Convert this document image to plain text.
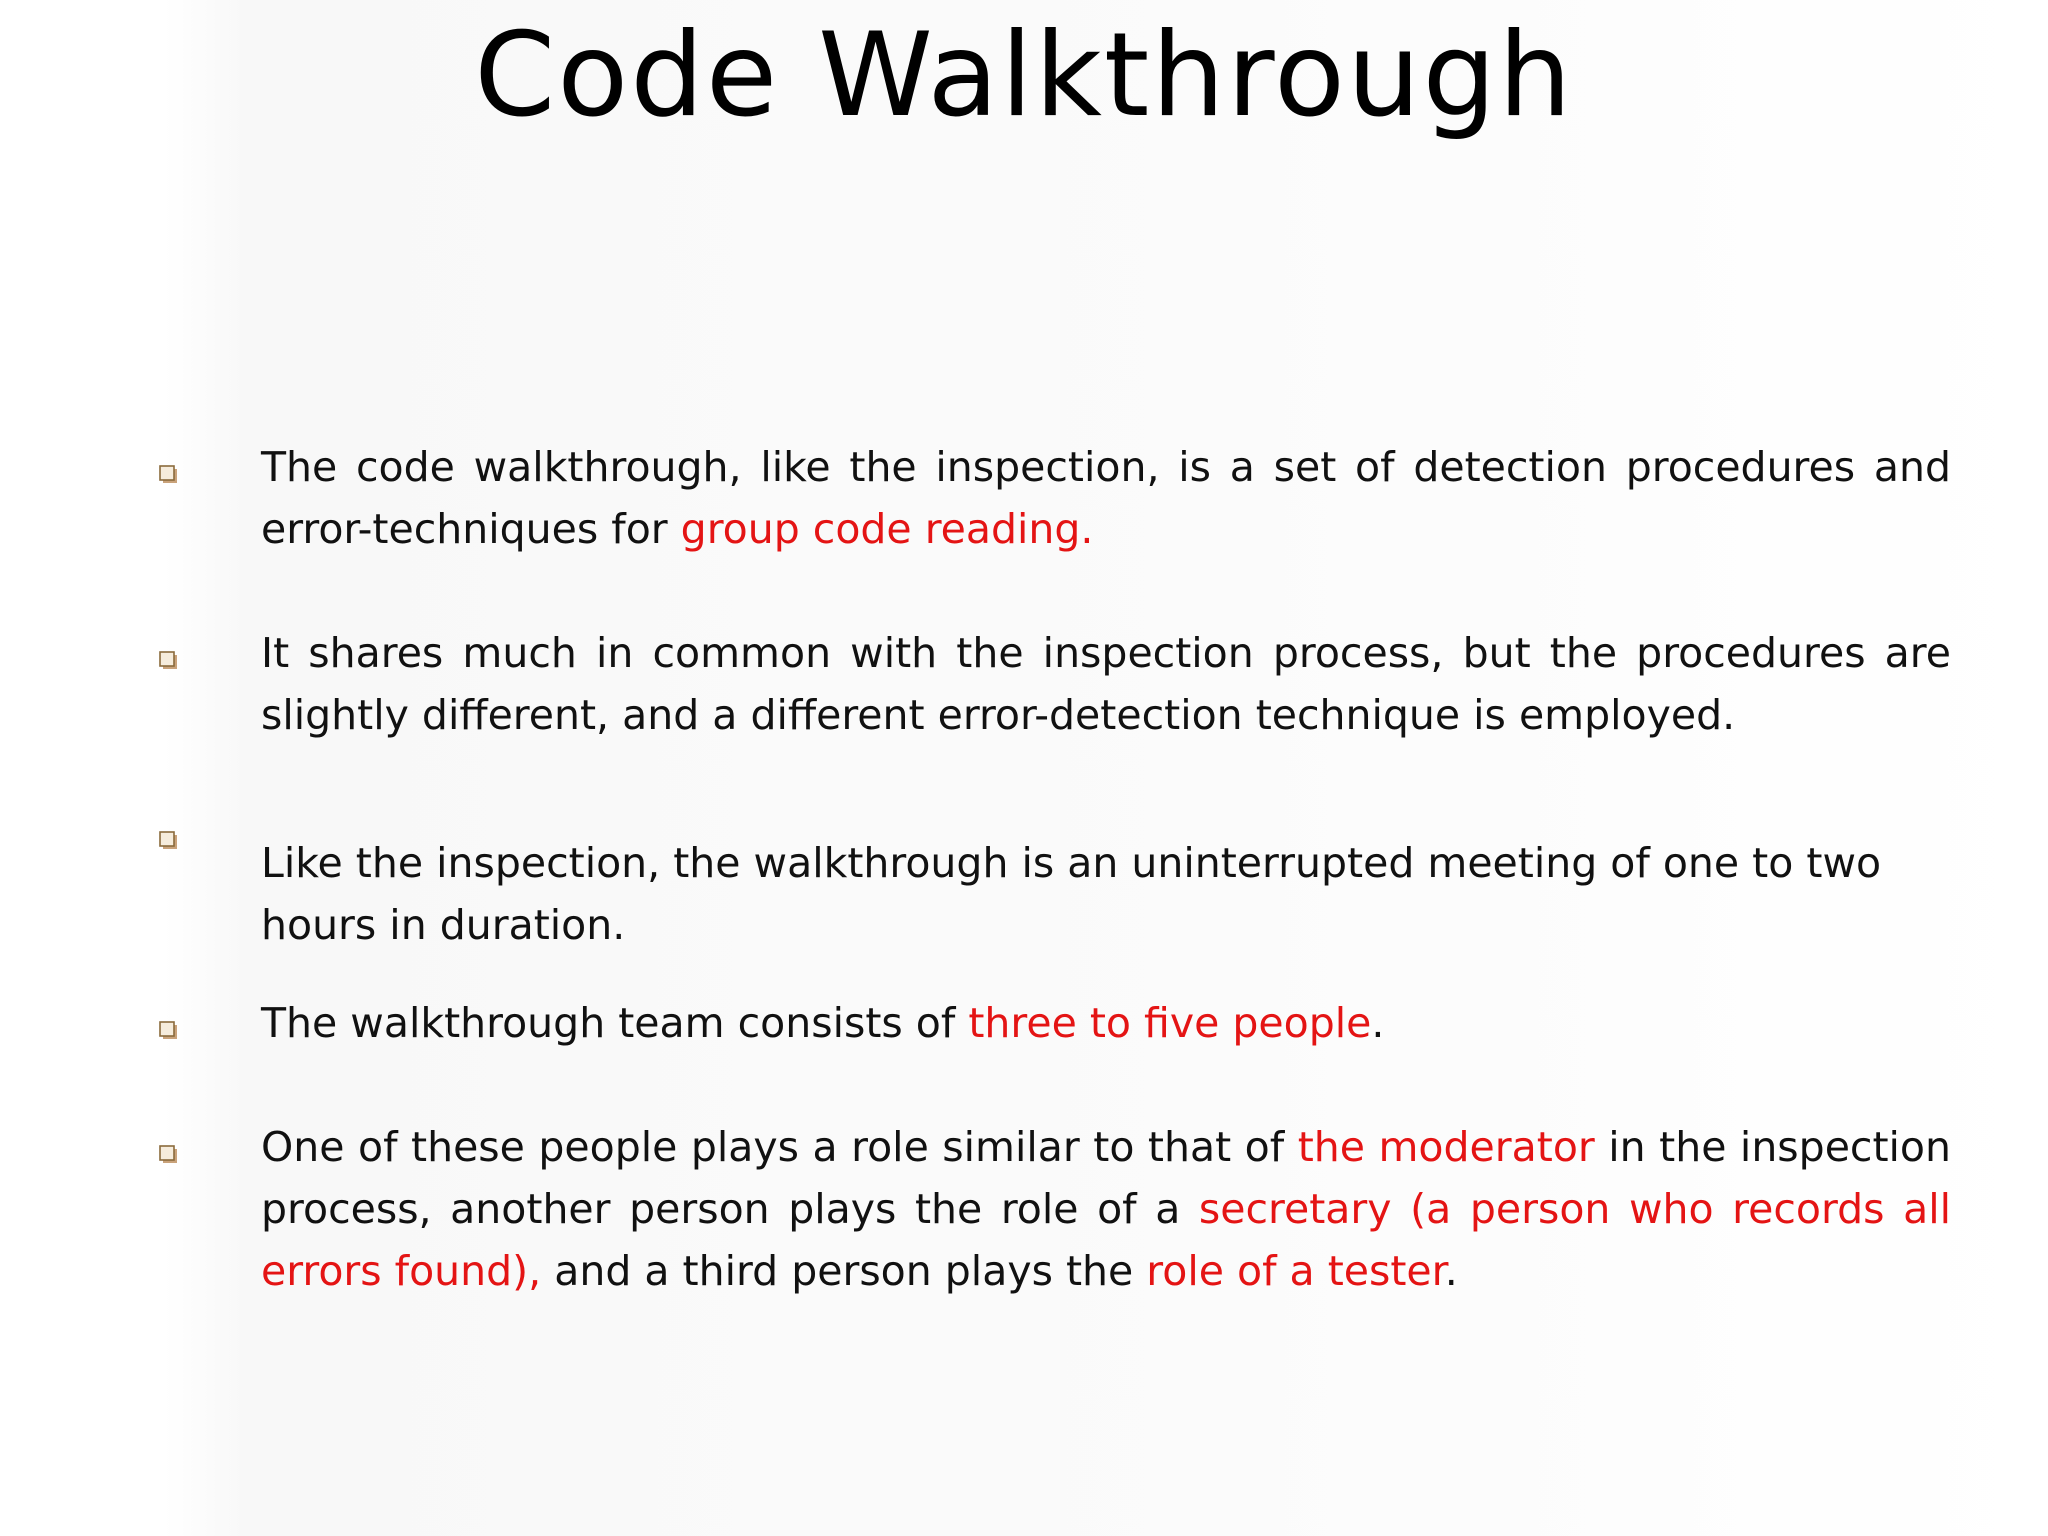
Code Walkthrough
The code walkthrough, like the inspection, is a set of detection procedures and error-techniques for group code reading.
It shares much in common with the inspection process, but the procedures are slightly different, and a different error-detection technique is employed.
Like the inspection, the walkthrough is an uninterrupted meeting of one to two hours in duration.
The walkthrough team consists of three to five people.
One of these people plays a role similar to that of the moderator in the inspection process, another person plays the role of a secretary (a person who records all errors found), and a third person plays the role of a tester.
